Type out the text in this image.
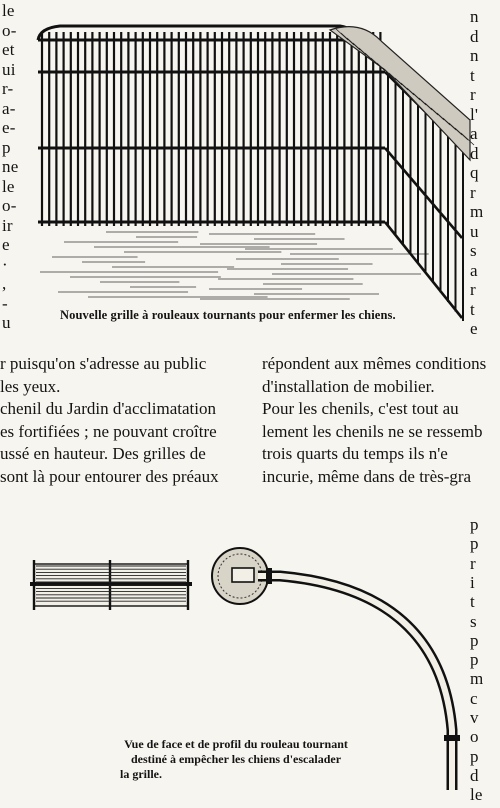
le
o-
et
ui
r-
a-
e-
p
ne
le
o-
ir
e
·
,
-
u
n
d
n
t
r
l'
a
d
q
r
m
u
s
a
r
t
e
p
p
r
i
t
s
p
p
m
c
v
o
p
d
le
Nouvelle grille à rouleaux tournants pour enfermer les chiens.
r puisqu'on s'adresse au public	répondent aux mêmes conditions
les yeux.	d'installation de mobilier.
chenil du Jardin d'acclimatation	Pour les chenils, c'est tout au
es fortifiées ; ne pouvant croître	lement les chenils ne se ressemb
ussé en hauteur. Des grilles de	trois quarts du temps ils n'e
sont là pour entourer des préaux	incurie, même dans de très-gra
Vue de face et de profil du rouleau tournant
destiné à empêcher les chiens d'escalader
la grille.
